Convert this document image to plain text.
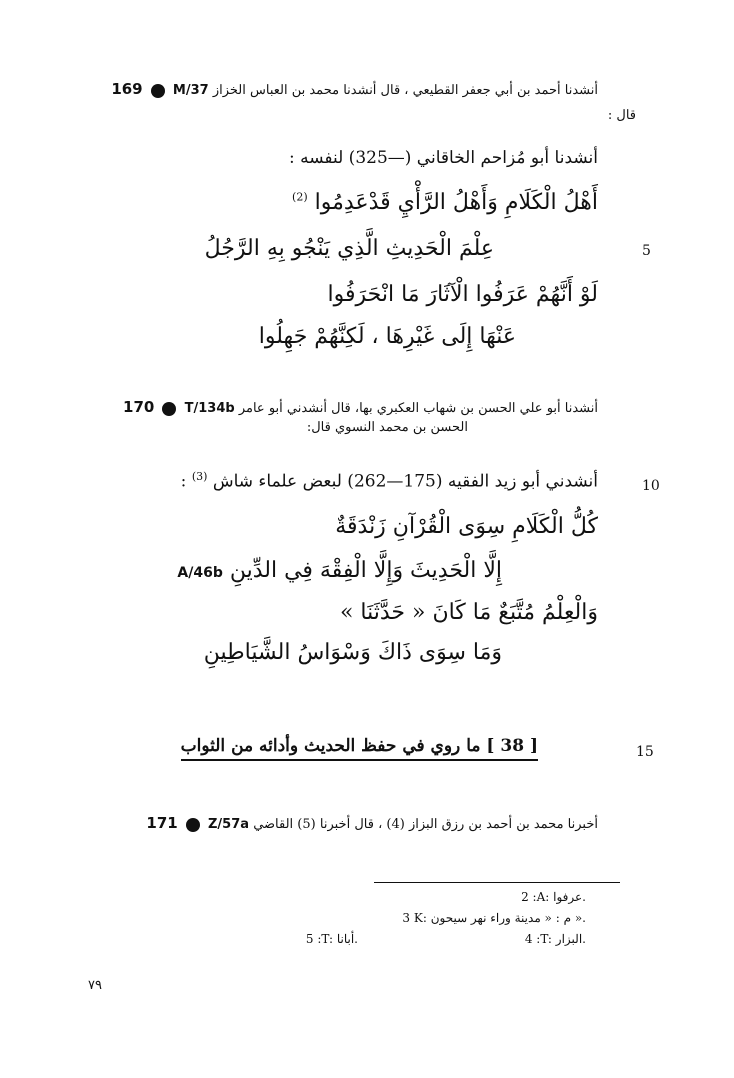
169 M/37 أنشدنا أحمد بن أبي جعفر القطيعي ، قال أنشدنا محمد بن العباس الخزاز
قال :
أنشدنا أبو مُزاحم الخاقاني (—325) لنفسه :
أَهْلُ الْكَلَامِ وَأَهْلُ الرَّأْيِ قَدْعَدِمُوا $^{(2)}$
5
عِلْمَ الْحَدِيثِ الَّذِي يَنْجُو بِهِ الرَّجُلُ
لَوْ أَنَّهُمْ عَرَفُوا الْآثَارَ مَا انْحَرَفُوا
عَنْهَا إِلَى غَيْرِهَا ، لَكِنَّهُمْ جَهِلُوا
170 T/134b أنشدنا أبو علي الحسن بن شهاب العكبري بها، قال أنشدني أبو عامر
الحسن بن محمد النسوي قال:
10
أنشدني أبو زيد الفقيه (175—262) لبعض علماء شاش $^{(3)}$ :
كُلُّ الْكَلَامِ سِوَى الْقُرْآنِ زَنْدَقَةٌ
A/46b إِلَّا الْحَدِيثَ وَإِلَّا الْفِقْهَ فِي الدِّينِ
وَالْعِلْمُ مُتَّبَعٌ مَا كَانَ « حَدَّثَنَا »
وَمَا سِوَى ذَاكَ وَسْوَاسُ الشَّيَاطِينِ
15
[ 38 ] ما روي في حفظ الحديث وأدائه من الثواب
171 Z/57a أخبرنا محمد بن أحمد بن رزق البزاز (4) ، قال أخبرنا (5) القاضي
2 :A: عرفوا.
3 K: م : « مدينة وراء نهر سيحون ».
4 :T: البزار.
5 :T: أبانا.
٧٩
